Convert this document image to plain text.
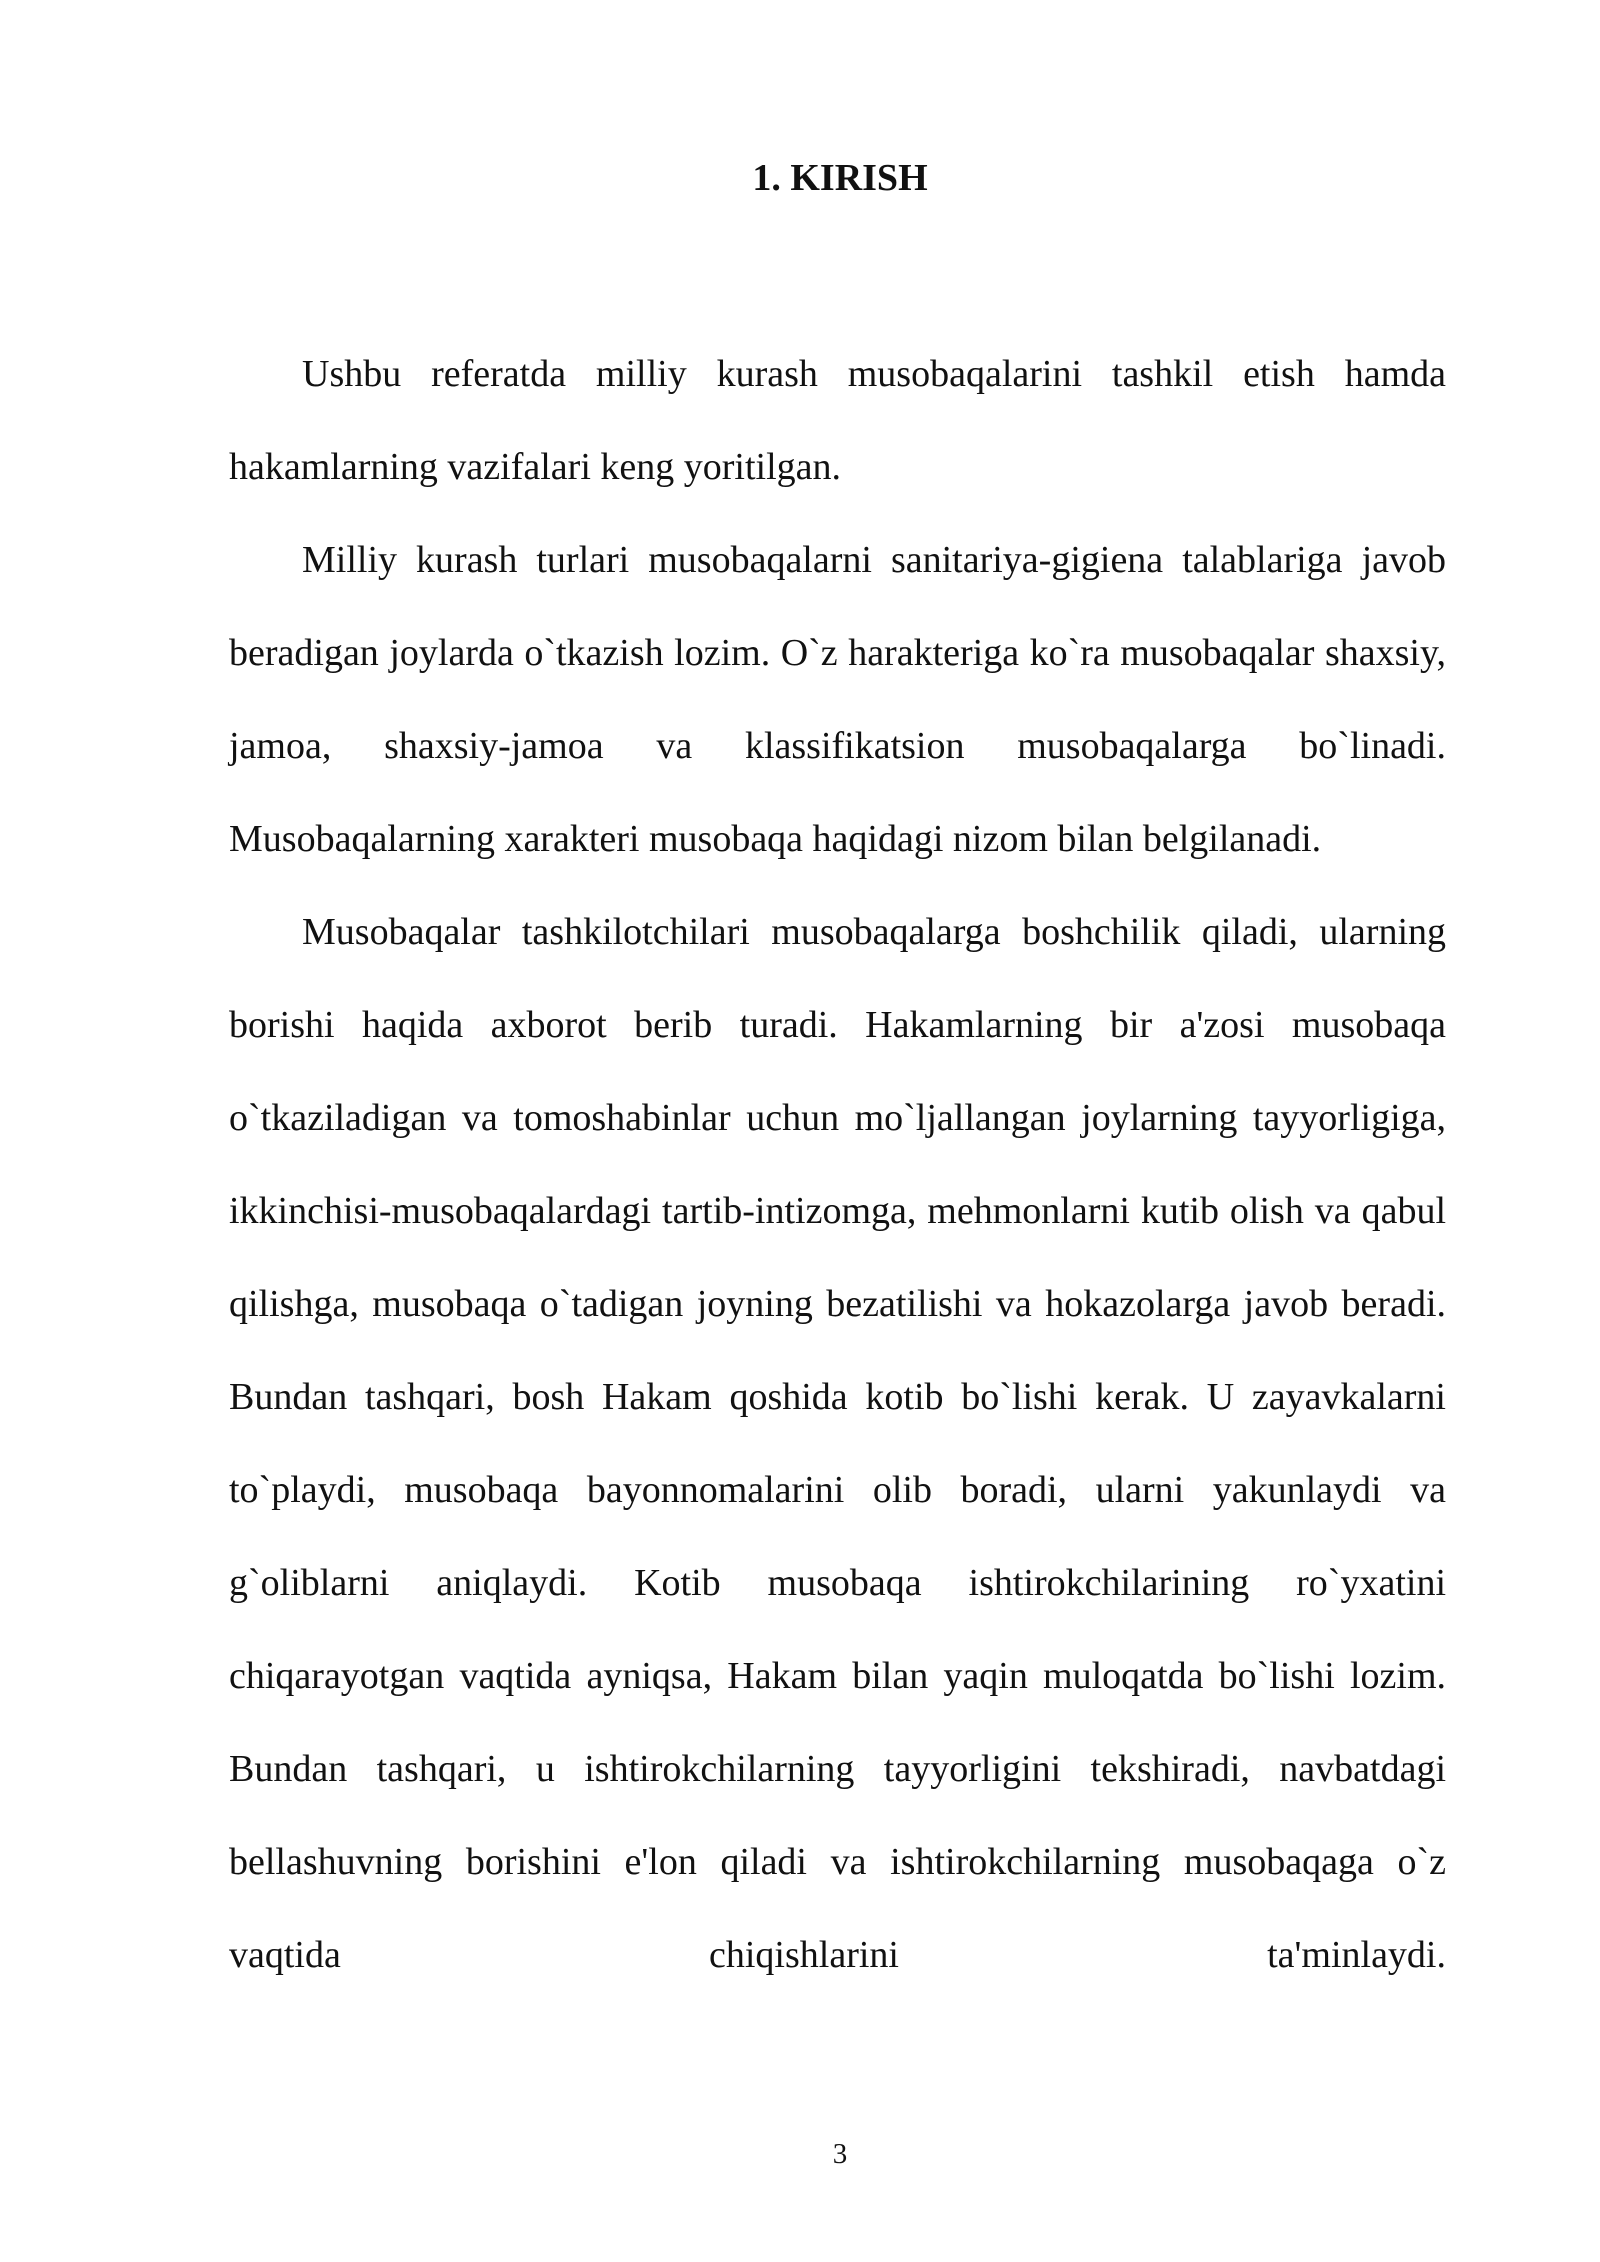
1. KIRISH

Ushbu referatda milliy kurash musobaqalarini tashkil etish hamda hakamlarning vazifalari keng yoritilgan.

Milliy kurash turlari musobaqalarni sanitariya-gigiena talablariga javob beradigan joylarda o`tkazish lozim. O`z harakteriga ko`ra musobaqalar shaxsiy, jamoa, shaxsiy-jamoa va klassifikatsion musobaqalarga bo`linadi. Musobaqalarning xarakteri musobaqa haqidagi nizom bilan belgilanadi.

Musobaqalar tashkilotchilari musobaqalarga boshchilik qiladi, ularning borishi haqida axborot berib turadi. Hakamlarning bir a'zosi musobaqa o`tkaziladigan va tomoshabinlar uchun mo`ljallangan joylarning tayyorligiga, ikkinchisi-musobaqalardagi tartib-intizomga, mehmonlarni kutib olish va qabul qilishga, musobaqa o`tadigan joyning bezatilishi va hokazolarga javob beradi. Bundan tashqari, bosh Hakam qoshida kotib bo`lishi kerak. U zayavkalarni to`playdi, musobaqa bayonnomalarini olib boradi, ularni yakunlaydi va g`oliblarni aniqlaydi. Kotib musobaqa ishtirokchilarining ro`yxatini chiqarayotgan vaqtida ayniqsa, Hakam bilan yaqin muloqatda bo`lishi lozim. Bundan tashqari, u ishtirokchilarning tayyorligini tekshiradi, navbatdagi bellashuvning borishini e'lon qiladi va ishtirokchilarning musobaqaga o`z vaqtida chiqishlarini ta'minlaydi.

3
